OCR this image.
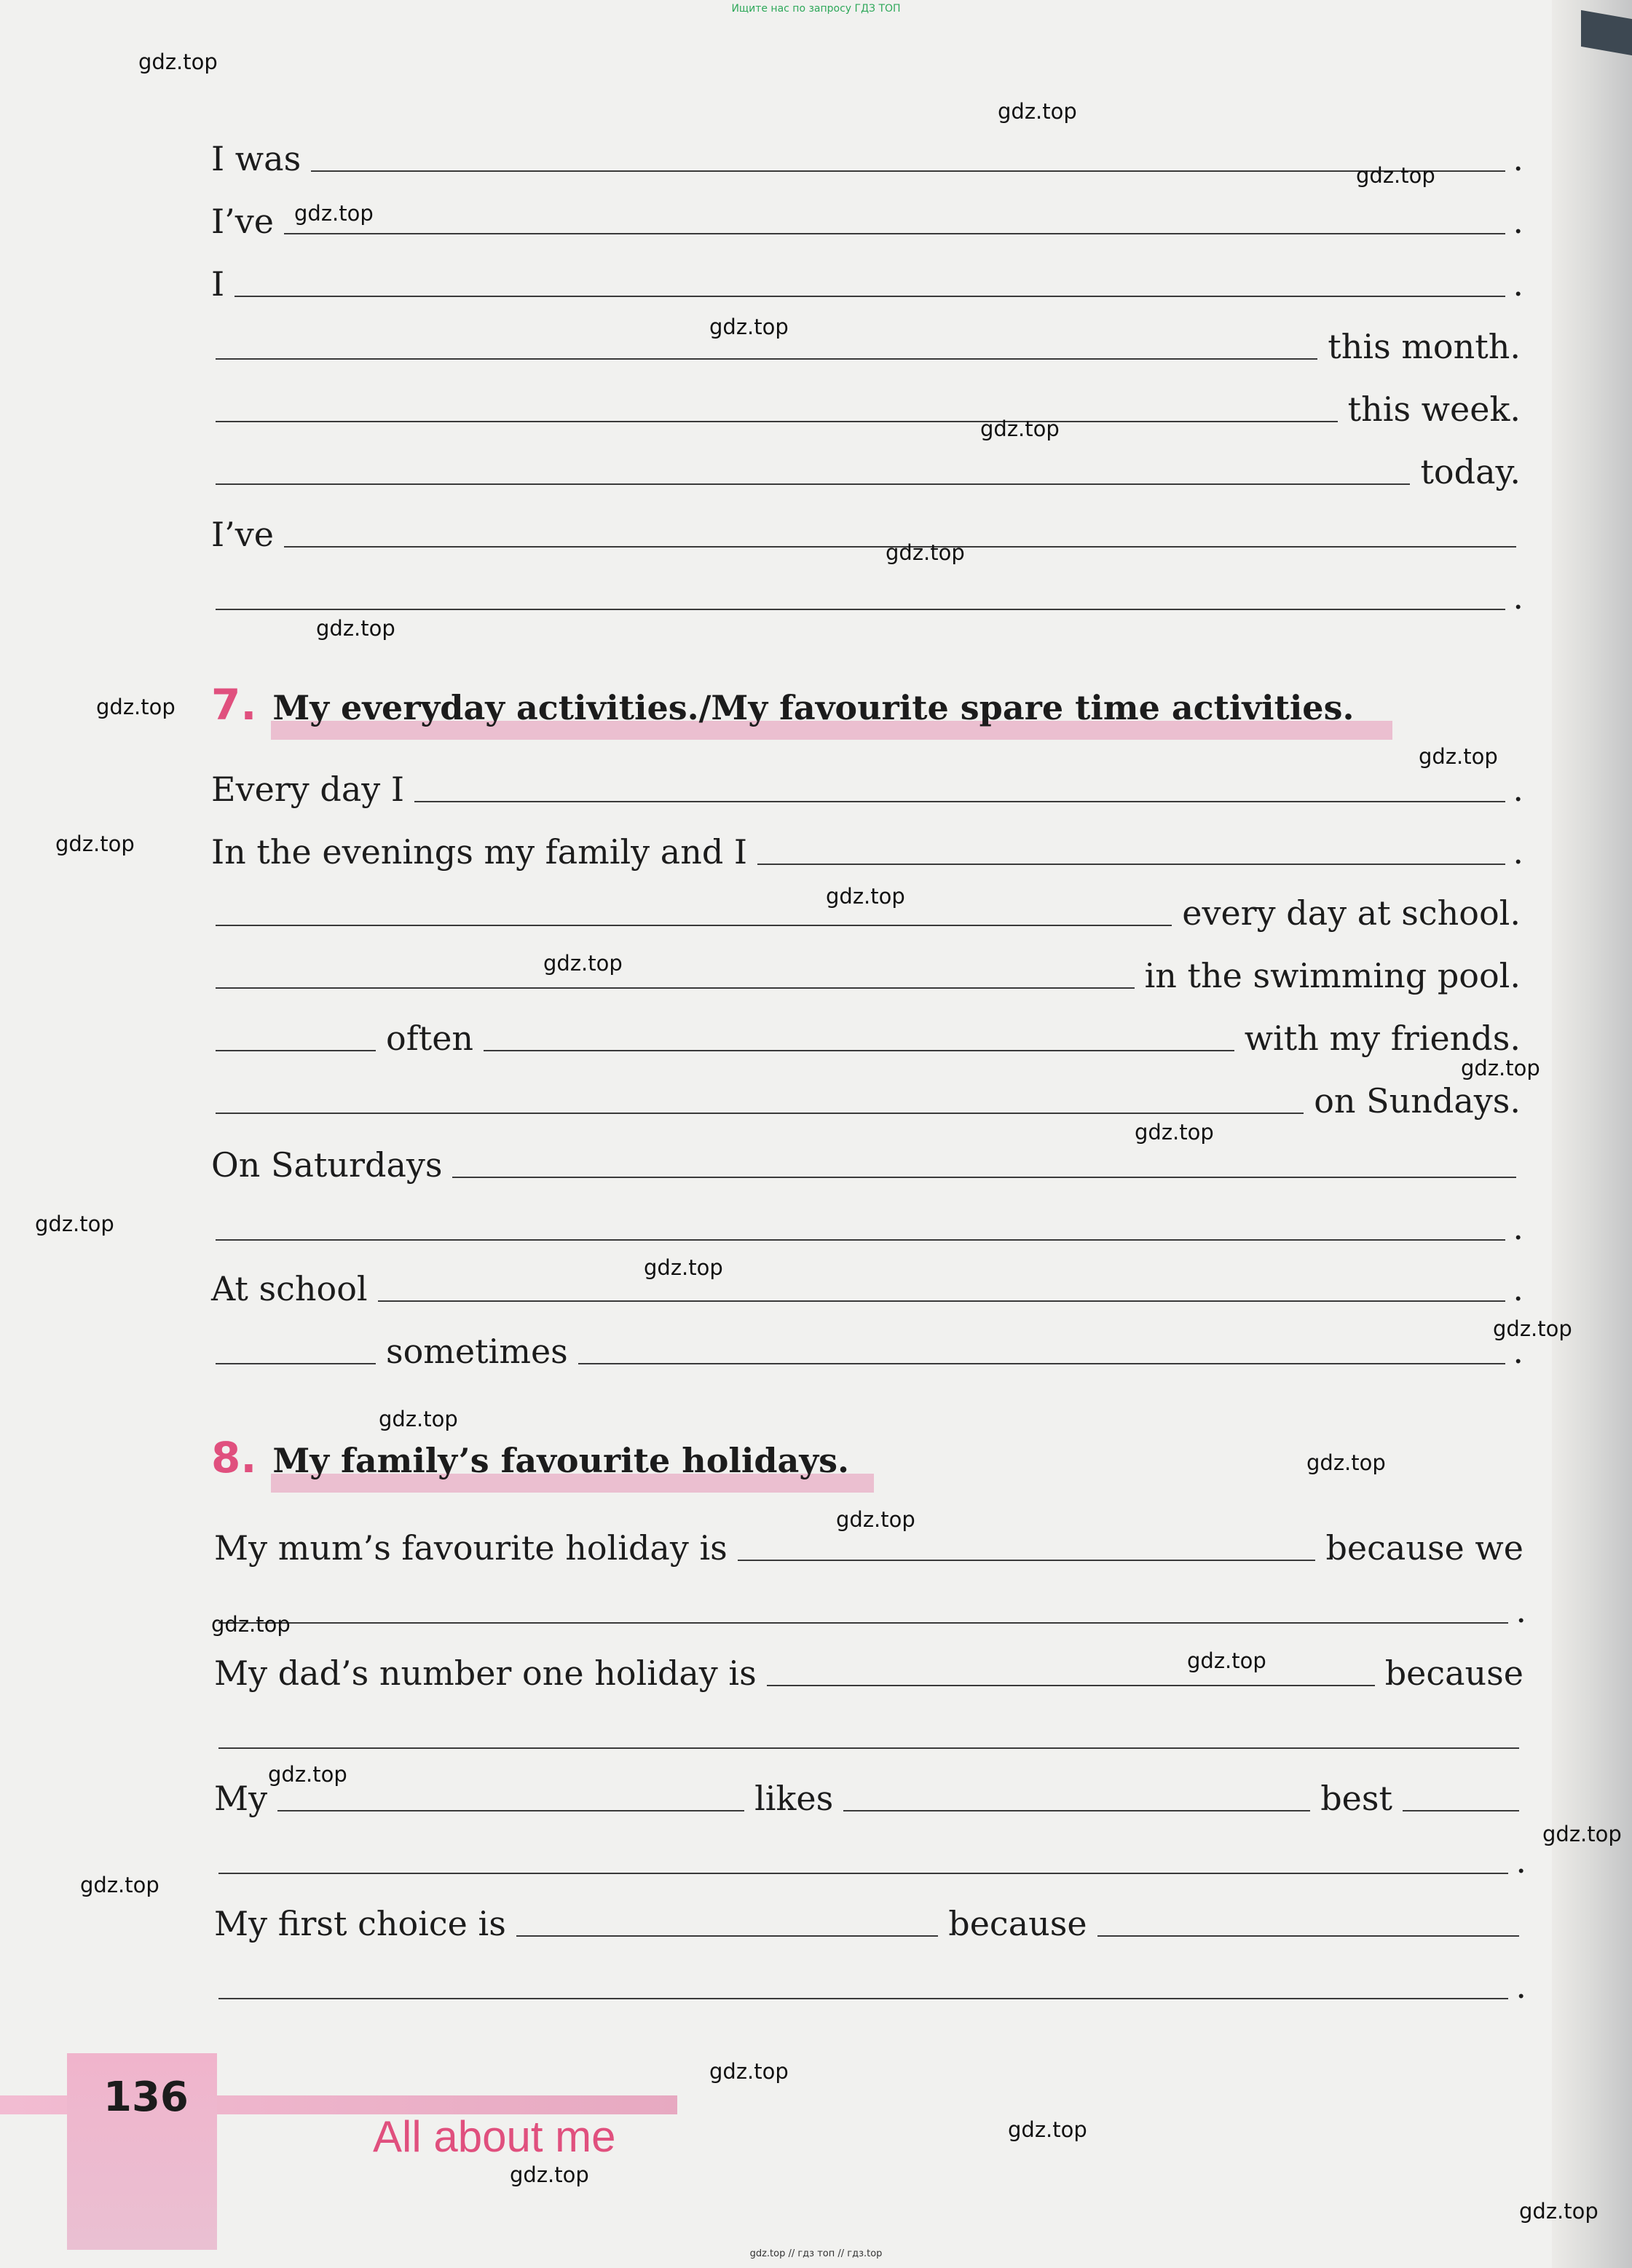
Ищите нас по запросу ГДЗ ТОП
I was	.
I’ve	.
I	.
this month.
this week.
today.
I’ve
.
7. My everyday activities./My favourite spare time activities.
Every day I	.
In the evenings my family and I	.
every day at school.
in the swimming pool.
often	with my friends.
on Sundays.
On Saturdays
.
At school	.
sometimes	.
8. My family’s favourite holidays.
My mum’s favourite holiday is	because we
.
My dad’s number one holiday is	because
My	likes	best
.
My first choice is	because
.
136
All about me
gdz.top
gdz.top
gdz.top
gdz.top
gdz.top
gdz.top
gdz.top
gdz.top
gdz.top
gdz.top
gdz.top
gdz.top
gdz.top
gdz.top
gdz.top
gdz.top
gdz.top
gdz.top
gdz.top
gdz.top
gdz.top
gdz.top
gdz.top
gdz.top
gdz.top
gdz.top
gdz.top
gdz.top
gdz.top
gdz.top
gdz.top // гдз топ // гдз.top
